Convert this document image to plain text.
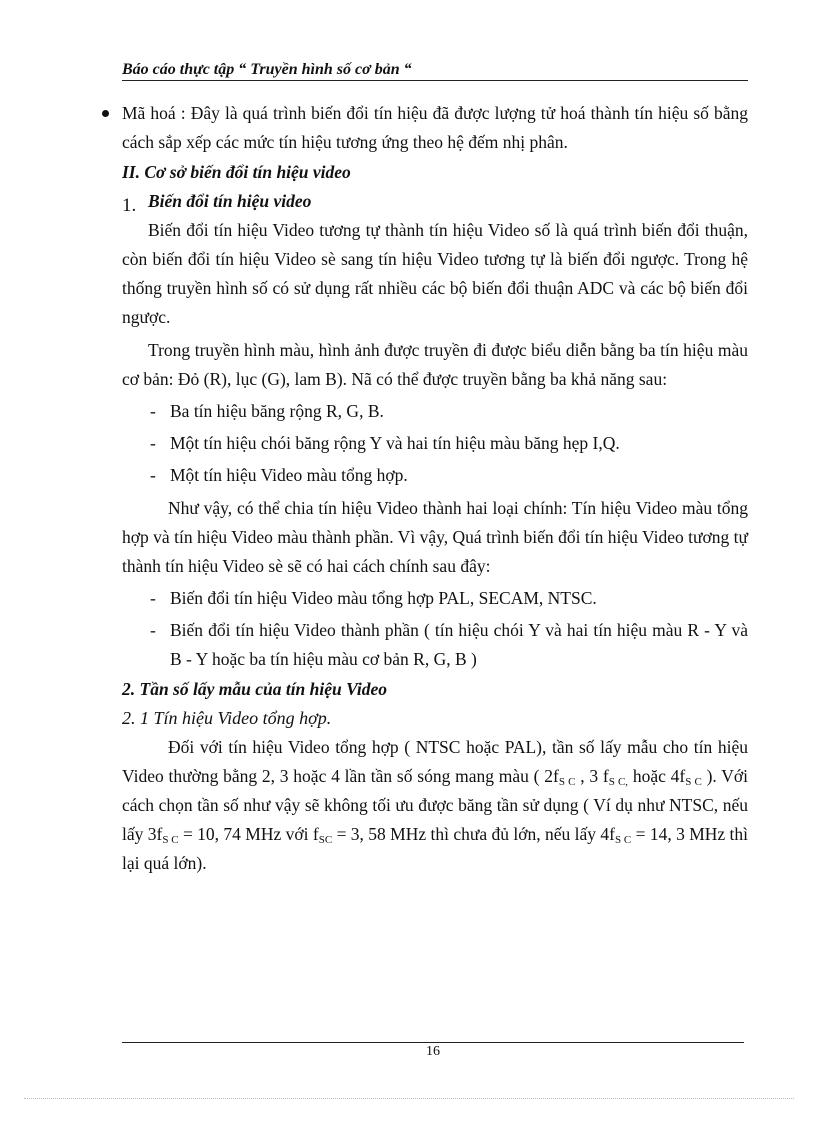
Báo cáo thực tập “ Truyền hình số cơ bản “
Mã hoá : Đây là quá trình biến đổi tín hiệu đã được lượng tử hoá thành tín hiệu số bằng cách sắp xếp các mức tín hiệu tương ứng theo hệ đếm nhị phân.
II. Cơ sở biến đổi tín hiệu video
1. Biến đổi tín hiệu video

Biến đổi tín hiệu Video tương tự thành tín hiệu Video số là quá trình biến đổi thuận, còn biến đổi tín hiệu Video sè sang tín hiệu Video tương tự là biến đổi ngược. Trong hệ thống truyền hình số có sử dụng rất nhiều các bộ biến đổi thuận ADC và các bộ biến đổi ngược.

Trong truyền hình màu, hình ảnh được truyền đi được biểu diễn bằng ba tín hiệu màu cơ bản: Đỏ (R), lục (G), lam B). Nã có thể được truyền bằng ba khả năng sau:

- Ba tín hiệu băng rộng R, G, B.
- Một tín hiệu chói băng rộng Y và hai tín hiệu màu băng hẹp I,Q.
- Một tín hiệu Video màu tổng hợp.

Như vậy, có thể chia tín hiệu Video thành hai loại chính: Tín hiệu Video màu tổng hợp và tín hiệu Video màu thành phần. Vì vậy, Quá trình biến đổi tín hiệu Video tương tự thành tín hiệu Video sè sẽ có hai cách chính sau đây:

- Biến đổi tín hiệu Video màu tổng hợp PAL, SECAM, NTSC.
- Biến đổi tín hiệu Video thành phần ( tín hiệu chói Y và hai tín hiệu màu R - Y và B - Y hoặc ba tín hiệu màu cơ bản R, G, B )
2. Tần số lấy mẫu của tín hiệu Video
2. 1 Tín hiệu Video tổng hợp.

Đối với tín hiệu Video tổng hợp ( NTSC hoặc PAL), tần số lấy mẫu cho tín hiệu Video thường bằng 2, 3 hoặc 4 lần tần số sóng mang màu ( $2f_{S C}$ , 3 $f_{S C,}$ hoặc $4f_{S C}$ ). Với cách chọn tần số như vậy sẽ không tối ưu được băng tần sử dụng ( Ví dụ như NTSC, nếu lấy $3f_{S C} = 10$, 74 MHz với $f_{SC} = 3$, 58 MHz thì chưa đủ lớn, nếu lấy $4f_{S C} = 14$, 3 MHz thì lại quá lớn).

16
